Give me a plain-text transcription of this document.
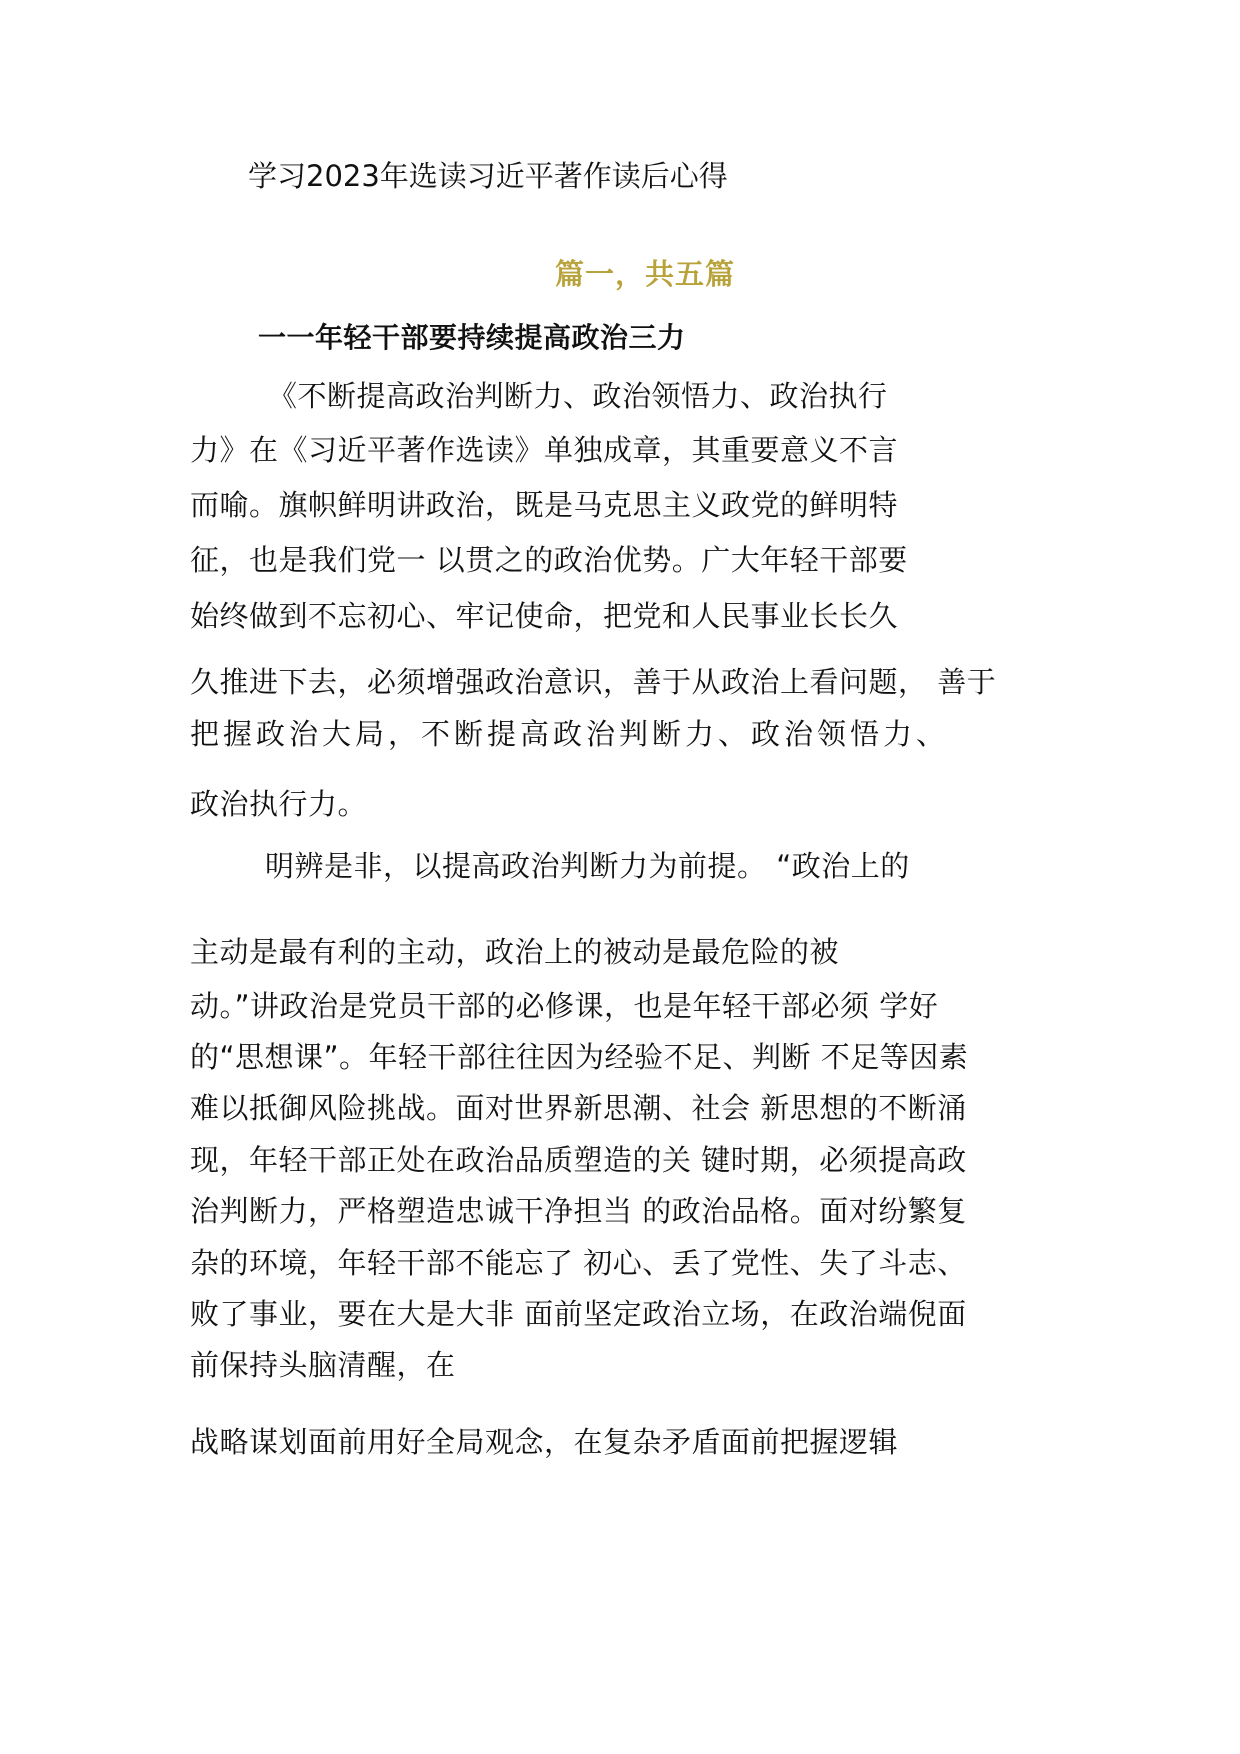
学习2023年选读习近平著作读后心得
篇一，共五篇
一一年轻干部要持续提高政治三力
《不断提高政治判断力、政治领悟力、政治执行
力》在《习近平著作选读》单独成章，其重要意义不言
而喻。旗帜鲜明讲政治，既是马克思主义政党的鲜明特
征，也是我们党一 以贯之的政治优势。广大年轻干部要
始终做到不忘初心、牢记使命，把党和人民事业长长久
久推进下去，必须增强政治意识，善于从政治上看问题， 善于
把握政治大局，不断提高政治判断力、政治领悟力、
政治执行力。
明辨是非，以提高政治判断力为前提。 “政治上的
主动是最有利的主动，政治上的被动是最危险的被
动。”讲政治是党员干部的必修课，也是年轻干部必须 学好
的“思想课”。年轻干部往往因为经验不足、判断 不足等因素
难以抵御风险挑战。面对世界新思潮、社会 新思想的不断涌
现，年轻干部正处在政治品质塑造的关 键时期，必须提高政
治判断力，严格塑造忠诚干净担当 的政治品格。面对纷繁复
杂的环境，年轻干部不能忘了 初心、丢了党性、失了斗志、
败了事业，要在大是大非 面前坚定政治立场，在政治端倪面
前保持头脑清醒，在
战略谋划面前用好全局观念，在复杂矛盾面前把握逻辑
